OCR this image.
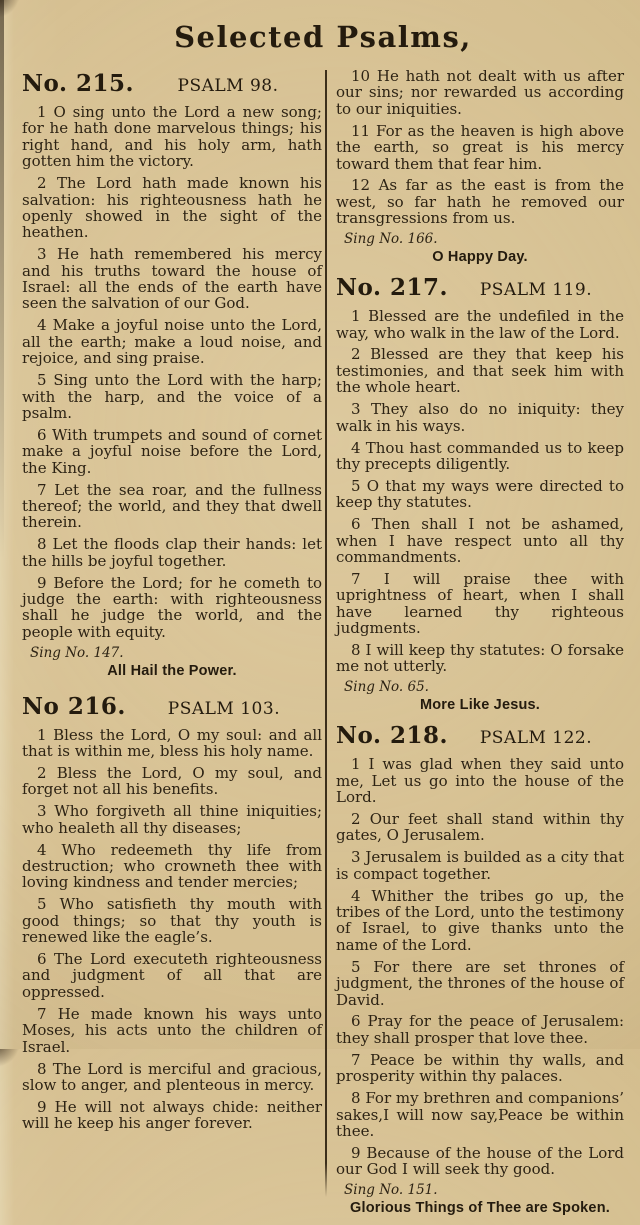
Selected Psalms,
No. 215.	PSALM 98.

1 O sing unto the Lord a new song; for he hath done marvelous things; his right hand, and his holy arm, hath gotten him the victory.

2 The Lord hath made known his salvation: his righteousness hath he openly showed in the sight of the heathen.

3 He hath remembered his mercy and his truths toward the house of Israel: all the ends of the earth have seen the salvation of our God.

4 Make a joyful noise unto the Lord, all the earth; make a loud noise, and rejoice, and sing praise.

5 Sing unto the Lord with the harp; with the harp, and the voice of a psalm.

6 With trumpets and sound of cornet make a joyful noise before the Lord, the King.

7 Let the sea roar, and the fullness thereof; the world, and they that dwell therein.

8 Let the floods clap their hands: let the hills be joyful together.

9 Before the Lord; for he cometh to judge the earth: with righteousness shall he judge the world, and the people with equity.

Sing No. 147.

All Hail the Power.

No 216.	PSALM 103.

1 Bless the Lord, O my soul: and all that is within me, bless his holy name.

2 Bless the Lord, O my soul, and forget not all his benefits.

3 Who forgiveth all thine iniquities; who healeth all thy diseases;

4 Who redeemeth thy life from destruction; who crowneth thee with loving kindness and tender mercies;

5 Who satisfieth thy mouth with good things; so that thy youth is renewed like the eagle’s.

6 The Lord executeth righteousness and judgment of all that are oppressed.

7 He made known his ways unto Moses, his acts unto the children of Israel.

8 The Lord is merciful and gracious, slow to anger, and plenteous in mercy.

9 He will not always chide: neither will he keep his anger forever.

10 He hath not dealt with us after our sins; nor rewarded us according to our iniquities.

11 For as the heaven is high above the earth, so great is his mercy toward them that fear him.

12 As far as the east is from the west, so far hath he removed our transgressions from us.

Sing No. 166.

O Happy Day.

No. 217.	PSALM 119.

1 Blessed are the undefiled in the way, who walk in the law of the Lord.

2 Blessed are they that keep his testimonies, and that seek him with the whole heart.

3 They also do no iniquity: they walk in his ways.

4 Thou hast commanded us to keep thy precepts diligently.

5 O that my ways were directed to keep thy statutes.

6 Then shall I not be ashamed, when I have respect unto all thy commandments.

7 I will praise thee with uprightness of heart, when I shall have learned thy righteous judgments.

8 I will keep thy statutes: O forsake me not utterly.

Sing No. 65.

More Like Jesus.

No. 218.	PSALM 122.

1 I was glad when they said unto me, Let us go into the house of the Lord.

2 Our feet shall stand within thy gates, O Jerusalem.

3 Jerusalem is builded as a city that is compact together.

4 Whither the tribes go up, the tribes of the Lord, unto the testimony of Israel, to give thanks unto the name of the Lord.

5 For there are set thrones of judgment, the thrones of the house of David.

6 Pray for the peace of Jerusalem: they shall prosper that love thee.

7 Peace be within thy walls, and prosperity within thy palaces.

8 For my brethren and companions’ sakes,I will now say,Peace be within thee.

9 Because of the house of the Lord our God I will seek thy good.

Sing No. 151.

Glorious Things of Thee are Spoken.
